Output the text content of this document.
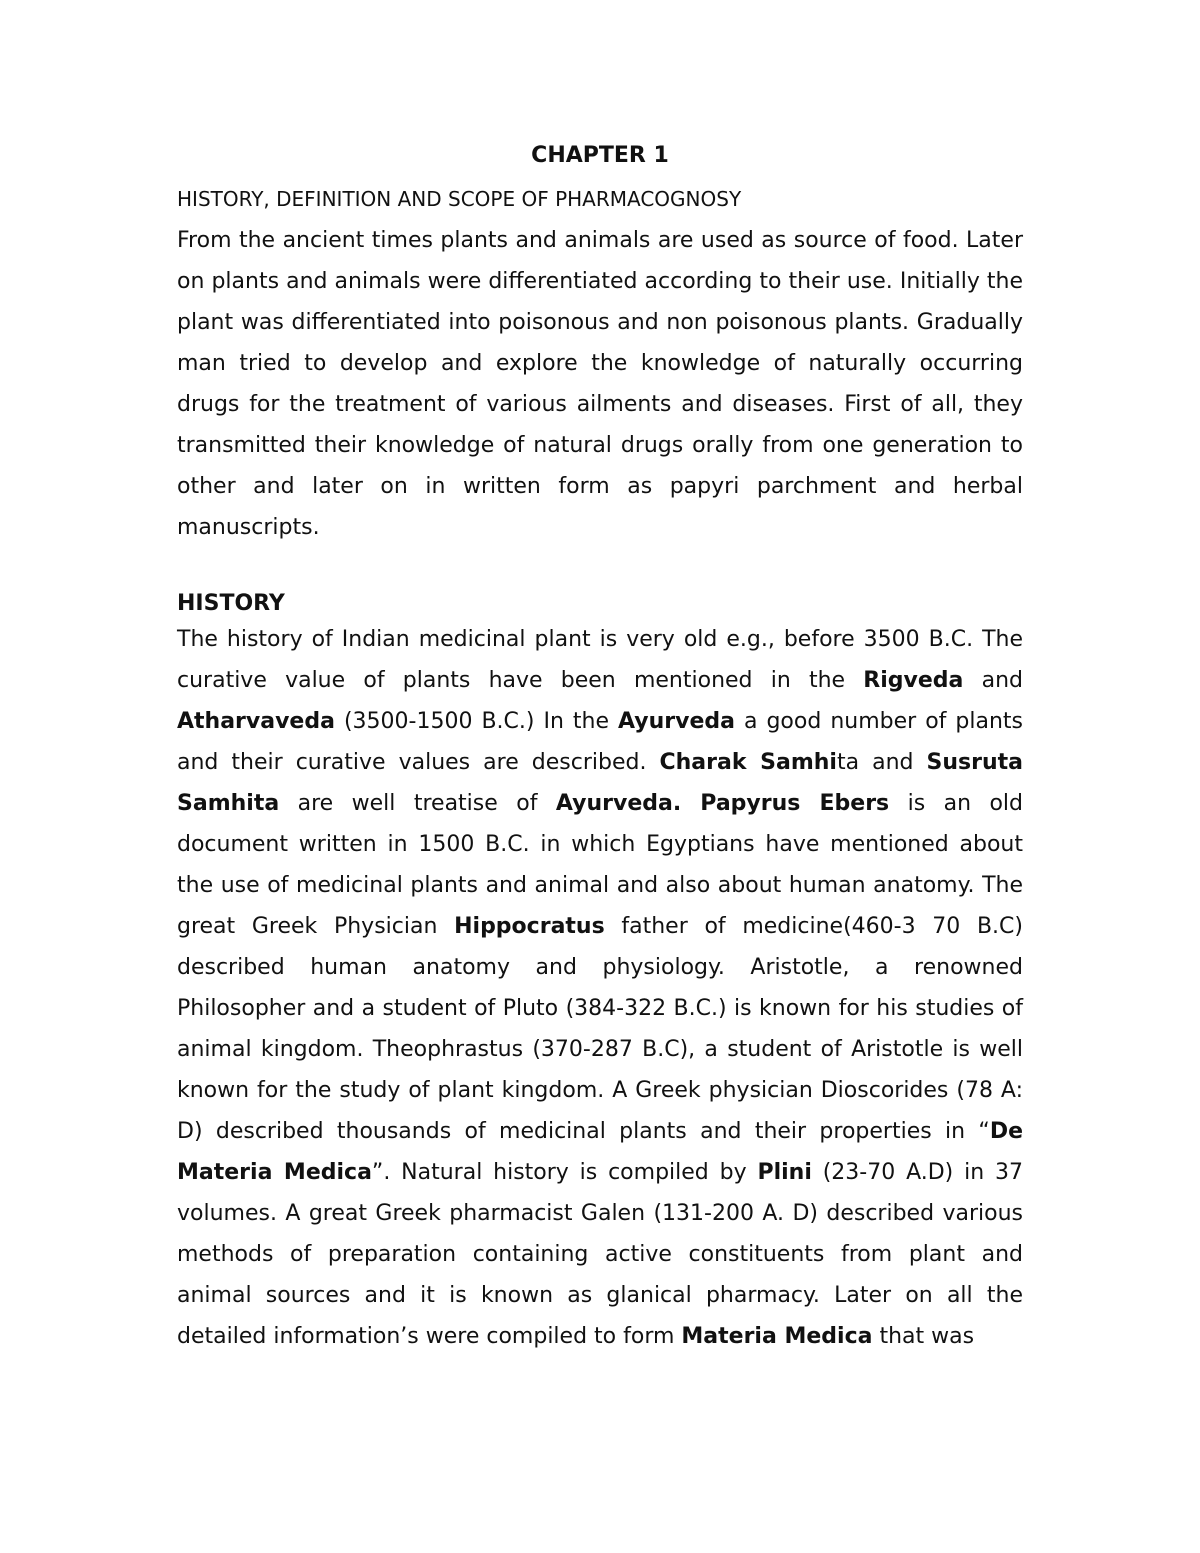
CHAPTER 1

HISTORY, DEFINITION AND SCOPE OF PHARMACOGNOSY

From the ancient times plants and animals are used as source of food. Later on plants and animals were differentiated according to their use. Initially the plant was differentiated into poisonous and non poisonous plants. Gradually man tried to develop and explore the knowledge of naturally occurring drugs for the treatment of various ailments and diseases. First of all, they transmitted their knowledge of natural drugs orally from one generation to other and later on in written form as papyri parchment and herbal manuscripts.

HISTORY

The history of Indian medicinal plant is very old e.g., before 3500 B.C. The curative value of plants have been mentioned in the Rigveda and Atharvaveda (3500-1500 B.C.) In the Ayurveda a good number of plants and their curative values are described. Charak Samhita and Susruta Samhita are well treatise of Ayurveda. Papyrus Ebers is an old document written in 1500 B.C. in which Egyptians have mentioned about the use of medicinal plants and animal and also about human anatomy. The great Greek Physician Hippocratus father of medicine(460-3 70 B.C) described human anatomy and physiology. Aristotle, a renowned Philosopher and a student of Pluto (384-322 B.C.) is known for his studies of animal kingdom. Theophrastus (370-287 B.C), a student of Aristotle is well known for the study of plant kingdom. A Greek physician Dioscorides (78 A: D) described thousands of medicinal plants and their properties in “De Materia Medica”. Natural history is compiled by Plini (23-70 A.D) in 37 volumes. A great Greek pharmacist Galen (131-200 A. D) described various methods of preparation containing active constituents from plant and animal sources and it is known as glanical pharmacy. Later on all the detailed information’s were compiled to form Materia Medica that was
